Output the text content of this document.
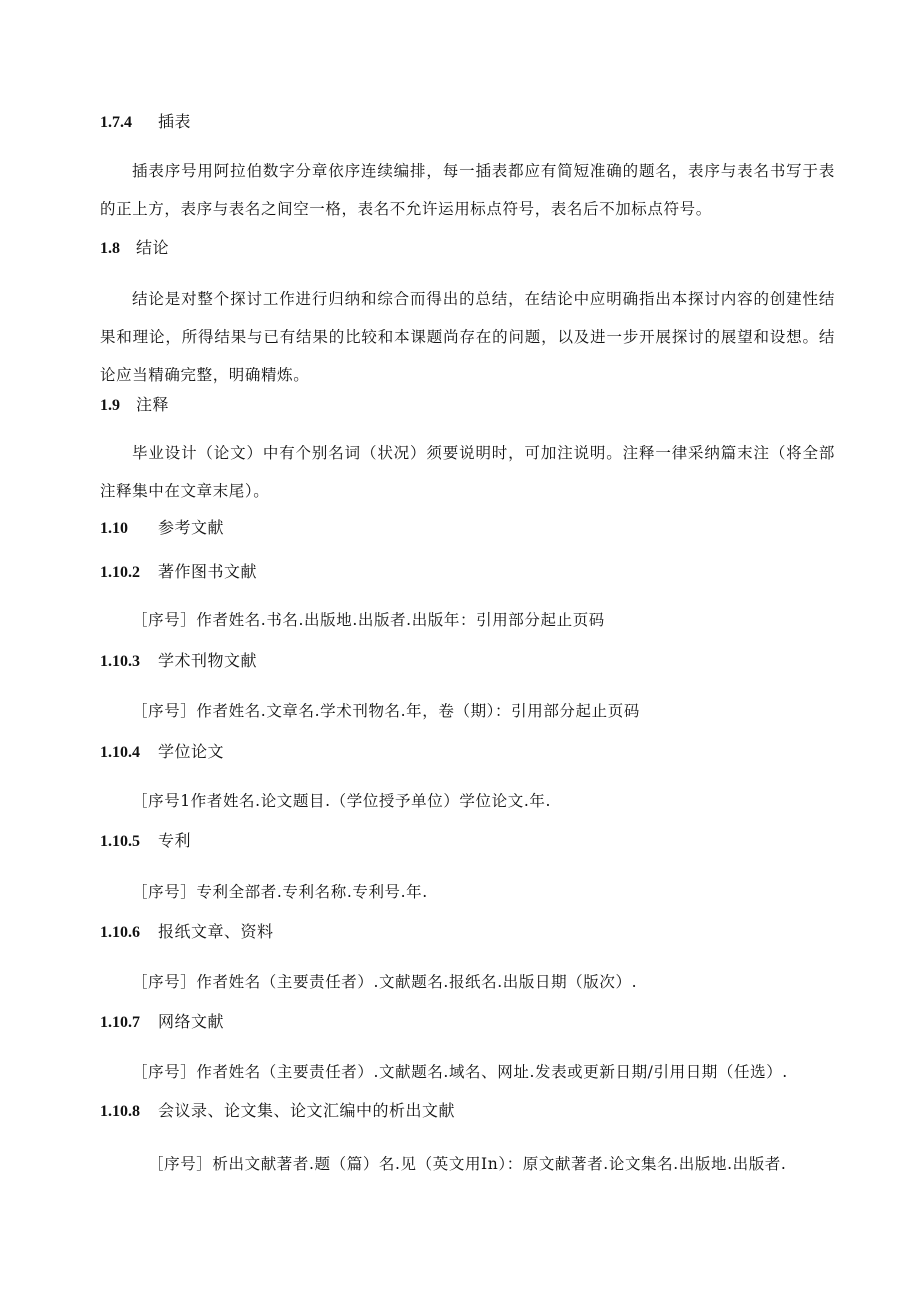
1.7.4 插表
插表序号用阿拉伯数字分章依序连续编排，每一插表都应有简短准确的题名，表序与表名书写于表的正上方，表序与表名之间空一格，表名不允许运用标点符号，表名后不加标点符号。
1.8 结论
结论是对整个探讨工作进行归纳和综合而得出的总结，在结论中应明确指出本探讨内容的创建性结果和理论，所得结果与已有结果的比较和本课题尚存在的问题，以及进一步开展探讨的展望和设想。结论应当精确完整，明确精炼。
1.9 注释
毕业设计（论文）中有个别名词（状况）须要说明时，可加注说明。注释一律采纳篇末注（将全部注释集中在文章末尾）。
1.10 参考文献
1.10.2 著作图书文献
［序号］作者姓名.书名.出版地.出版者.出版年：引用部分起止页码
1.10.3 学术刊物文献
［序号］作者姓名.文章名.学术刊物名.年，卷（期）：引用部分起止页码
1.10.4 学位论文
［序号1作者姓名.论文题目.（学位授予单位）学位论文.年.
1.10.5 专利
［序号］专利全部者.专利名称.专利号.年.
1.10.6 报纸文章、资料
［序号］作者姓名（主要责任者）.文献题名.报纸名.出版日期（版次）.
1.10.7 网络文献
［序号］作者姓名（主要责任者）.文献题名.域名、网址.发表或更新日期/引用日期（任选）.
1.10.8 会议录、论文集、论文汇编中的析出文献
［序号］析出文献著者.题（篇）名.见（英文用In）：原文献著者.论文集名.出版地.出版者.
